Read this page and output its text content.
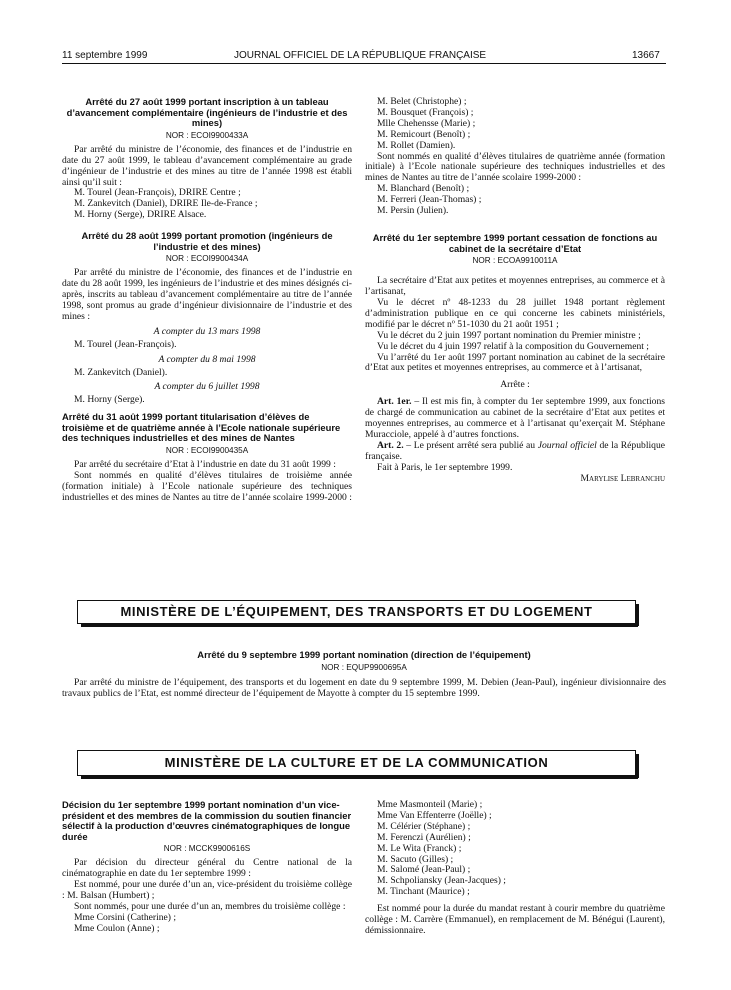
11 septembre 1999	JOURNAL OFFICIEL DE LA RÉPUBLIQUE FRANÇAISE	13667

Arrêté du 27 août 1999 portant inscription à un tableau d’avancement complémentaire (ingénieurs de l’industrie et des mines)

NOR : ECOI9900433A

Par arrêté du ministre de l’économie, des finances et de l’industrie en date du 27 août 1999, le tableau d’avancement complémentaire au grade d’ingénieur de l’industrie et des mines au titre de l’année 1998 est établi ainsi qu’il suit :

M. Tourel (Jean-François), DRIRE Centre ;

M. Zankevitch (Daniel), DRIRE Ile-de-France ;

M. Horny (Serge), DRIRE Alsace.

Arrêté du 28 août 1999 portant promotion (ingénieurs de l’industrie et des mines)

NOR : ECOI9900434A

Par arrêté du ministre de l’économie, des finances et de l’industrie en date du 28 août 1999, les ingénieurs de l’industrie et des mines désignés ci-après, inscrits au tableau d’avancement complémentaire au titre de l’année 1998, sont promus au grade d’ingénieur divisionnaire de l’industrie et des mines :

A compter du 13 mars 1998

M. Tourel (Jean-François).

A compter du 8 mai 1998

M. Zankevitch (Daniel).

A compter du 6 juillet 1998

M. Horny (Serge).

Arrêté du 31 août 1999 portant titularisation d’élèves de troisième et de quatrième année à l’Ecole nationale supérieure des techniques industrielles et des mines de Nantes

NOR : ECOI9900435A

Par arrêté du secrétaire d’Etat à l’industrie en date du 31 août 1999 :

Sont nommés en qualité d’élèves titulaires de troisième année (formation initiale) à l’Ecole nationale supérieure des techniques industrielles et des mines de Nantes au titre de l’année scolaire 1999-2000 :

M. Belet (Christophe) ;

M. Bousquet (François) ;

Mlle Chehensse (Marie) ;

M. Remicourt (Benoît) ;

M. Rollet (Damien).

Sont nommés en qualité d’élèves titulaires de quatrième année (formation initiale) à l’Ecole nationale supérieure des techniques industrielles et des mines de Nantes au titre de l’année scolaire 1999-2000 :

M. Blanchard (Benoît) ;

M. Ferreri (Jean-Thomas) ;

M. Persin (Julien).

Arrêté du 1er septembre 1999 portant cessation de fonctions au cabinet de la secrétaire d’Etat

NOR : ECOA9910011A

La secrétaire d’Etat aux petites et moyennes entreprises, au commerce et à l’artisanat,

Vu le décret nº 48-1233 du 28 juillet 1948 portant règlement d’administration publique en ce qui concerne les cabinets ministériels, modifié par le décret nº 51-1030 du 21 août 1951 ;

Vu le décret du 2 juin 1997 portant nomination du Premier ministre ;

Vu le décret du 4 juin 1997 relatif à la composition du Gouvernement ;

Vu l’arrêté du 1er août 1997 portant nomination au cabinet de la secrétaire d’Etat aux petites et moyennes entreprises, au commerce et à l’artisanat,

Arrête :

Art. 1er. – Il est mis fin, à compter du 1er septembre 1999, aux fonctions de chargé de communication au cabinet de la secrétaire d’Etat aux petites et moyennes entreprises, au commerce et à l’artisanat qu’exerçait M. Stéphane Muracciole, appelé à d’autres fonctions.

Art. 2. – Le présent arrêté sera publié au Journal officiel de la République française.

Fait à Paris, le 1er septembre 1999.

Marylise Lebranchu

MINISTÈRE DE L’ÉQUIPEMENT, DES TRANSPORTS ET DU LOGEMENT

Arrêté du 9 septembre 1999 portant nomination (direction de l’équipement)

NOR : EQUP9900695A

Par arrêté du ministre de l’équipement, des transports et du logement en date du 9 septembre 1999, M. Debien (Jean-Paul), ingénieur divisionnaire des travaux publics de l’Etat, est nommé directeur de l’équipement de Mayotte à compter du 15 septembre 1999.

MINISTÈRE DE LA CULTURE ET DE LA COMMUNICATION

Décision du 1er septembre 1999 portant nomination d’un vice-président et des membres de la commission du soutien financier sélectif à la production d’œuvres cinématographiques de longue durée

NOR : MCCK9900616S

Par décision du directeur général du Centre national de la cinématographie en date du 1er septembre 1999 :

Est nommé, pour une durée d’un an, vice-président du troisième collège : M. Balsan (Humbert) ;

Sont nommés, pour une durée d’un an, membres du troisième collège :

Mme Corsini (Catherine) ;

Mme Coulon (Anne) ;

Mme Masmonteil (Marie) ;

Mme Van Effenterre (Joëlle) ;

M. Célérier (Stéphane) ;

M. Ferenczi (Aurélien) ;

M. Le Wita (Franck) ;

M. Sacuto (Gilles) ;

M. Salomé (Jean-Paul) ;

M. Schpoliansky (Jean-Jacques) ;

M. Tinchant (Maurice) ;

Est nommé pour la durée du mandat restant à courir membre du quatrième collège : M. Carrère (Emmanuel), en remplacement de M. Bénégui (Laurent), démissionnaire.
